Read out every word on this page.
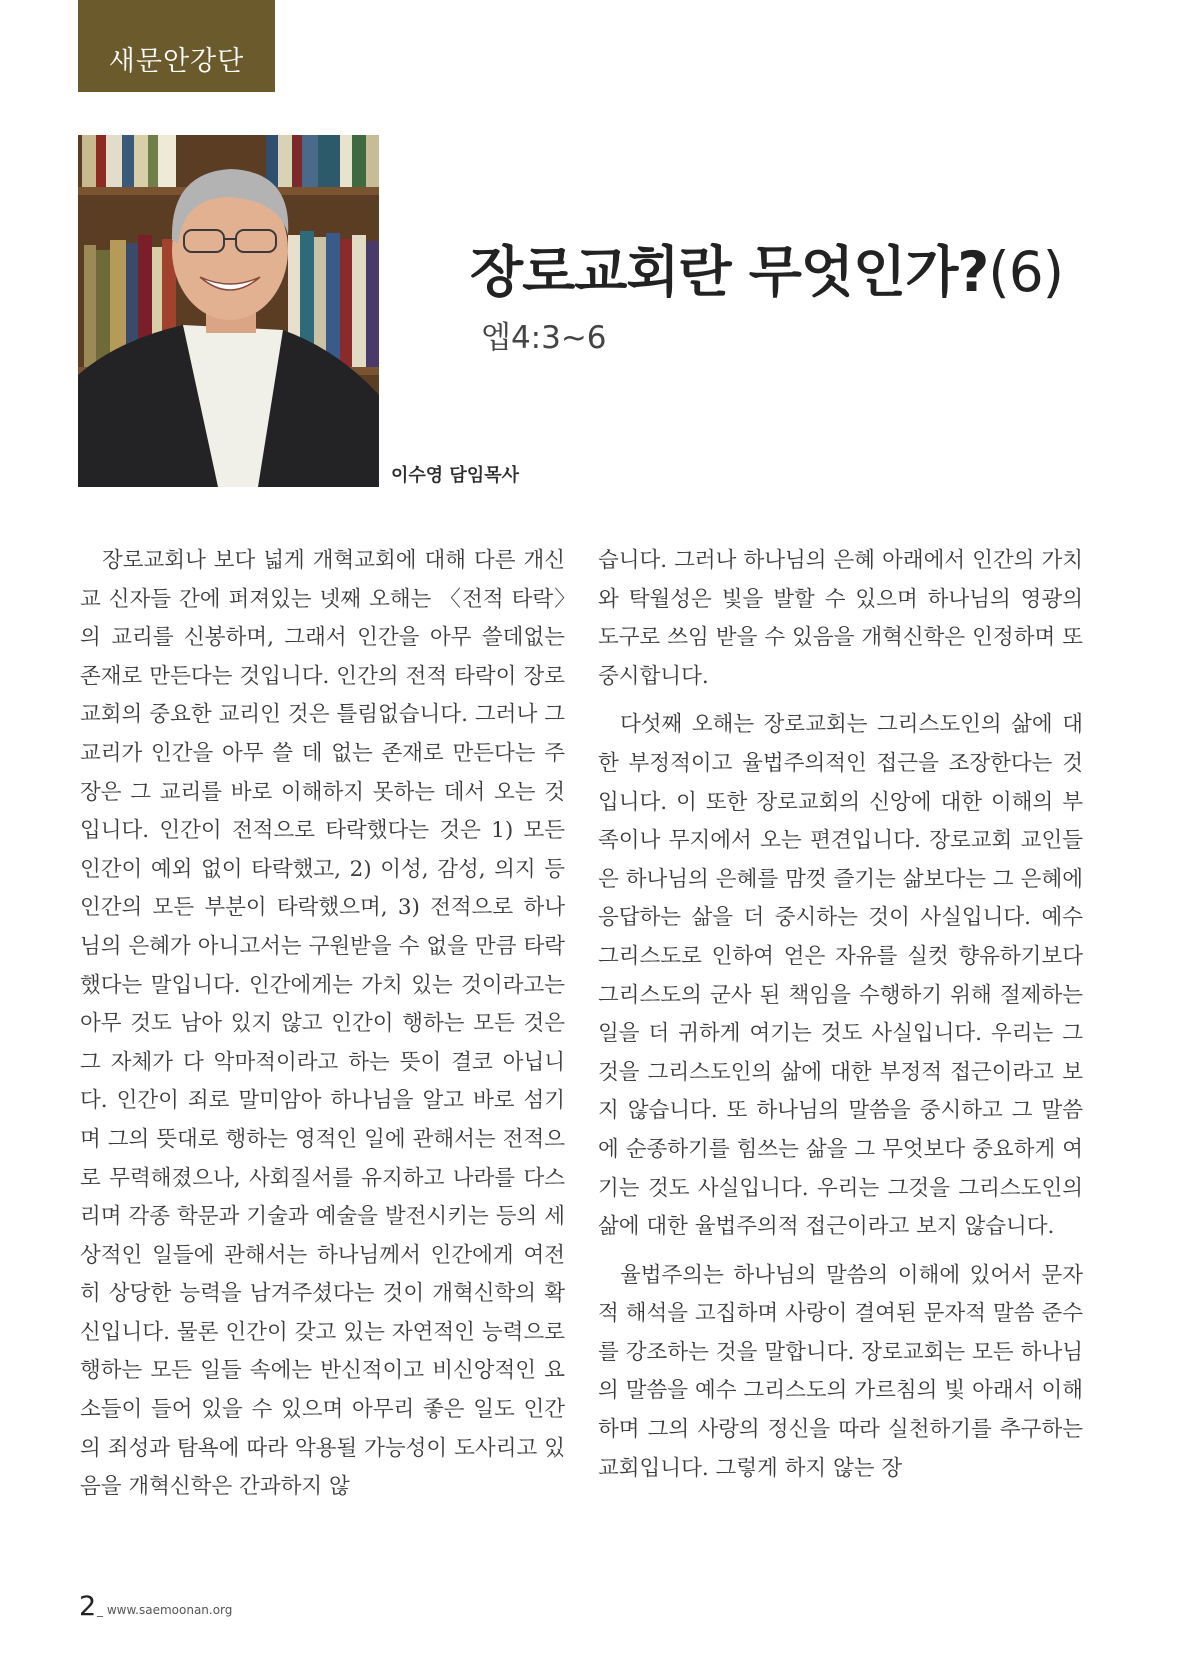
새문안강단
이수영 담임목사
장로교회란 무엇인가?(6)
엡4:3~6

장로교회나 보다 넓게 개혁교회에 대해 다른 개신교 신자들 간에 퍼져있는 넷째 오해는 〈전적 타락〉의 교리를 신봉하며, 그래서 인간을 아무 쓸데없는 존재로 만든다는 것입니다. 인간의 전적 타락이 장로교회의 중요한 교리인 것은 틀림없습니다. 그러나 그 교리가 인간을 아무 쓸 데 없는 존재로 만든다는 주장은 그 교리를 바로 이해하지 못하는 데서 오는 것입니다. 인간이 전적으로 타락했다는 것은 1) 모든 인간이 예외 없이 타락했고, 2) 이성, 감성, 의지 등 인간의 모든 부분이 타락했으며, 3) 전적으로 하나님의 은혜가 아니고서는 구원받을 수 없을 만큼 타락했다는 말입니다. 인간에게는 가치 있는 것이라고는 아무 것도 남아 있지 않고 인간이 행하는 모든 것은 그 자체가 다 악마적이라고 하는 뜻이 결코 아닙니다. 인간이 죄로 말미암아 하나님을 알고 바로 섬기며 그의 뜻대로 행하는 영적인 일에 관해서는 전적으로 무력해졌으나, 사회질서를 유지하고 나라를 다스리며 각종 학문과 기술과 예술을 발전시키는 등의 세상적인 일들에 관해서는 하나님께서 인간에게 여전히 상당한 능력을 남겨주셨다는 것이 개혁신학의 확신입니다. 물론 인간이 갖고 있는 자연적인 능력으로 행하는 모든 일들 속에는 반신적이고 비신앙적인 요소들이 들어 있을 수 있으며 아무리 좋은 일도 인간의 죄성과 탐욕에 따라 악용될 가능성이 도사리고 있음을 개혁신학은 간과하지 않

습니다. 그러나 하나님의 은혜 아래에서 인간의 가치와 탁월성은 빛을 발할 수 있으며 하나님의 영광의 도구로 쓰임 받을 수 있음을 개혁신학은 인정하며 또 중시합니다.

다섯째 오해는 장로교회는 그리스도인의 삶에 대한 부정적이고 율법주의적인 접근을 조장한다는 것입니다. 이 또한 장로교회의 신앙에 대한 이해의 부족이나 무지에서 오는 편견입니다. 장로교회 교인들은 하나님의 은혜를 맘껏 즐기는 삶보다는 그 은혜에 응답하는 삶을 더 중시하는 것이 사실입니다. 예수 그리스도로 인하여 얻은 자유를 실컷 향유하기보다 그리스도의 군사 된 책임을 수행하기 위해 절제하는 일을 더 귀하게 여기는 것도 사실입니다. 우리는 그것을 그리스도인의 삶에 대한 부정적 접근이라고 보지 않습니다. 또 하나님의 말씀을 중시하고 그 말씀에 순종하기를 힘쓰는 삶을 그 무엇보다 중요하게 여기는 것도 사실입니다. 우리는 그것을 그리스도인의 삶에 대한 율법주의적 접근이라고 보지 않습니다.

율법주의는 하나님의 말씀의 이해에 있어서 문자적 해석을 고집하며 사랑이 결여된 문자적 말씀 준수를 강조하는 것을 말합니다. 장로교회는 모든 하나님의 말씀을 예수 그리스도의 가르침의 빛 아래서 이해하며 그의 사랑의 정신을 따라 실천하기를 추구하는 교회입니다. 그렇게 하지 않는 장

2 _ www.saemoonan.org
